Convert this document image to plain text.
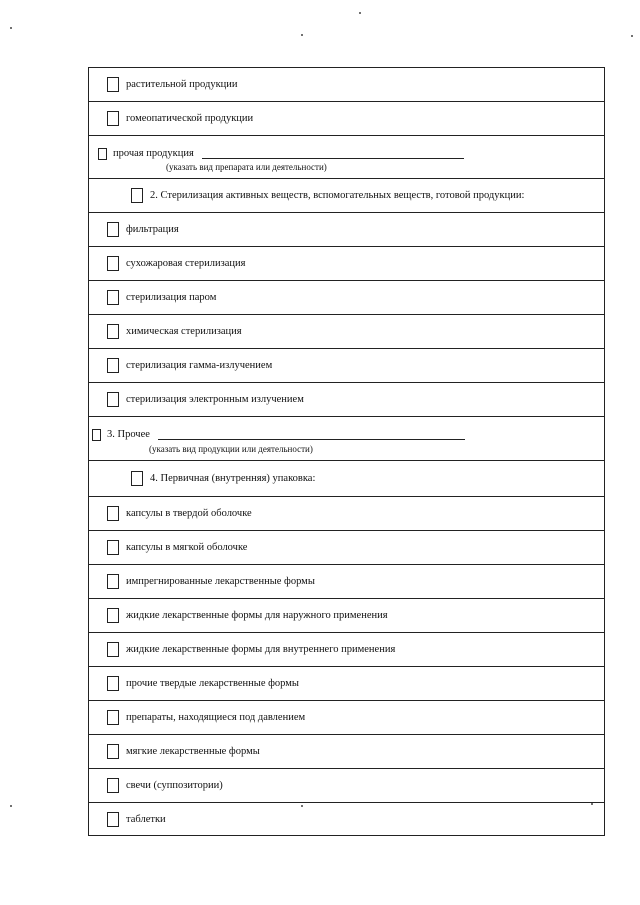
растительной продукции
гомеопатической продукции
прочая продукция
(указать вид препарата или деятельности)
2. Стерилизация активных веществ, вспомогательных веществ, готовой продукции:
фильтрация
сухожаровая стерилизация
стерилизация паром
химическая стерилизация
стерилизация гамма-излучением
стерилизация электронным излучением
3. Прочее
(указать вид продукции или деятельности)
4. Первичная (внутренняя) упаковка:
капсулы в твердой оболочке
капсулы в мягкой оболочке
импрегнированные лекарственные формы
жидкие лекарственные формы для наружного применения
жидкие лекарственные формы для внутреннего применения
прочие твердые лекарственные формы
препараты, находящиеся под давлением
мягкие лекарственные формы
свечи (суппозитории)
таблетки
